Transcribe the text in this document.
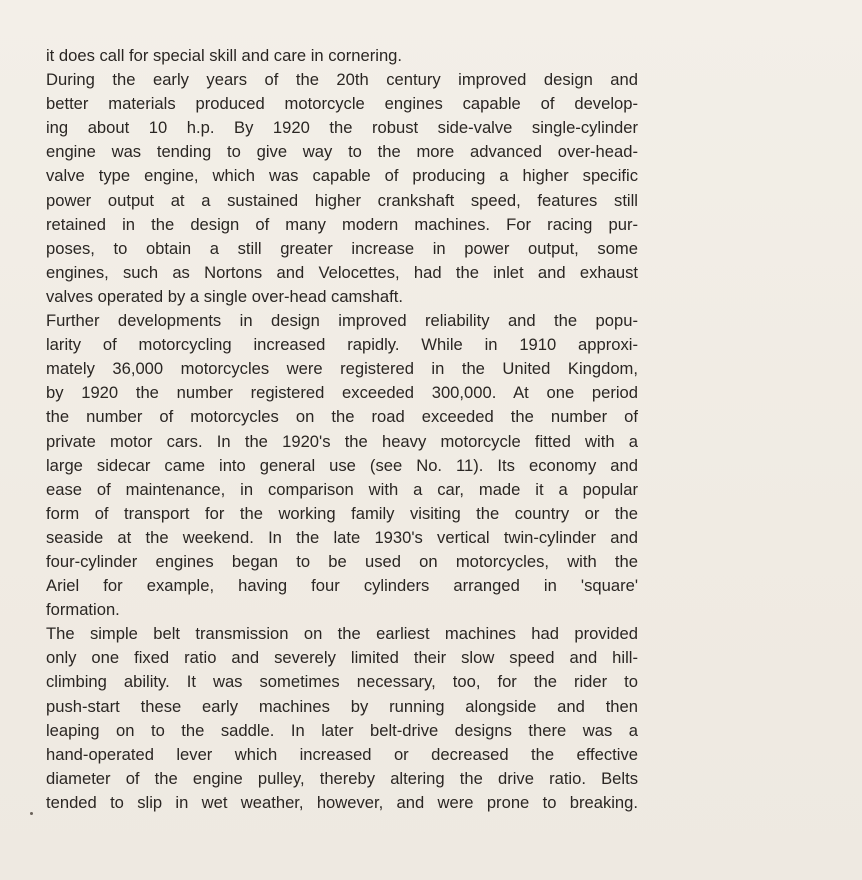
it does call for special skill and care in cornering.
During the early years of the 20th century improved design and
better materials produced motorcycle engines capable of develop-
ing about 10 h.p. By 1920 the robust side-valve single-cylinder
engine was tending to give way to the more advanced over-head-
valve type engine, which was capable of producing a higher specific
power output at a sustained higher crankshaft speed, features still
retained in the design of many modern machines. For racing pur-
poses, to obtain a still greater increase in power output, some
engines, such as Nortons and Velocettes, had the inlet and exhaust
valves operated by a single over-head camshaft.
Further developments in design improved reliability and the popu-
larity of motorcycling increased rapidly. While in 1910 approxi-
mately 36,000 motorcycles were registered in the United Kingdom,
by 1920 the number registered exceeded 300,000. At one period
the number of motorcycles on the road exceeded the number of
private motor cars. In the 1920's the heavy motorcycle fitted with a
large sidecar came into general use (see No. 11). Its economy and
ease of maintenance, in comparison with a car, made it a popular
form of transport for the working family visiting the country or the
seaside at the weekend. In the late 1930's vertical twin-cylinder and
four-cylinder engines began to be used on motorcycles, with the
Ariel for example, having four cylinders arranged in 'square'
formation.
The simple belt transmission on the earliest machines had provided
only one fixed ratio and severely limited their slow speed and hill-
climbing ability. It was sometimes necessary, too, for the rider to
push-start these early machines by running alongside and then
leaping on to the saddle. In later belt-drive designs there was a
hand-operated lever which increased or decreased the effective
diameter of the engine pulley, thereby altering the drive ratio. Belts
tended to slip in wet weather, however, and were prone to breaking.
